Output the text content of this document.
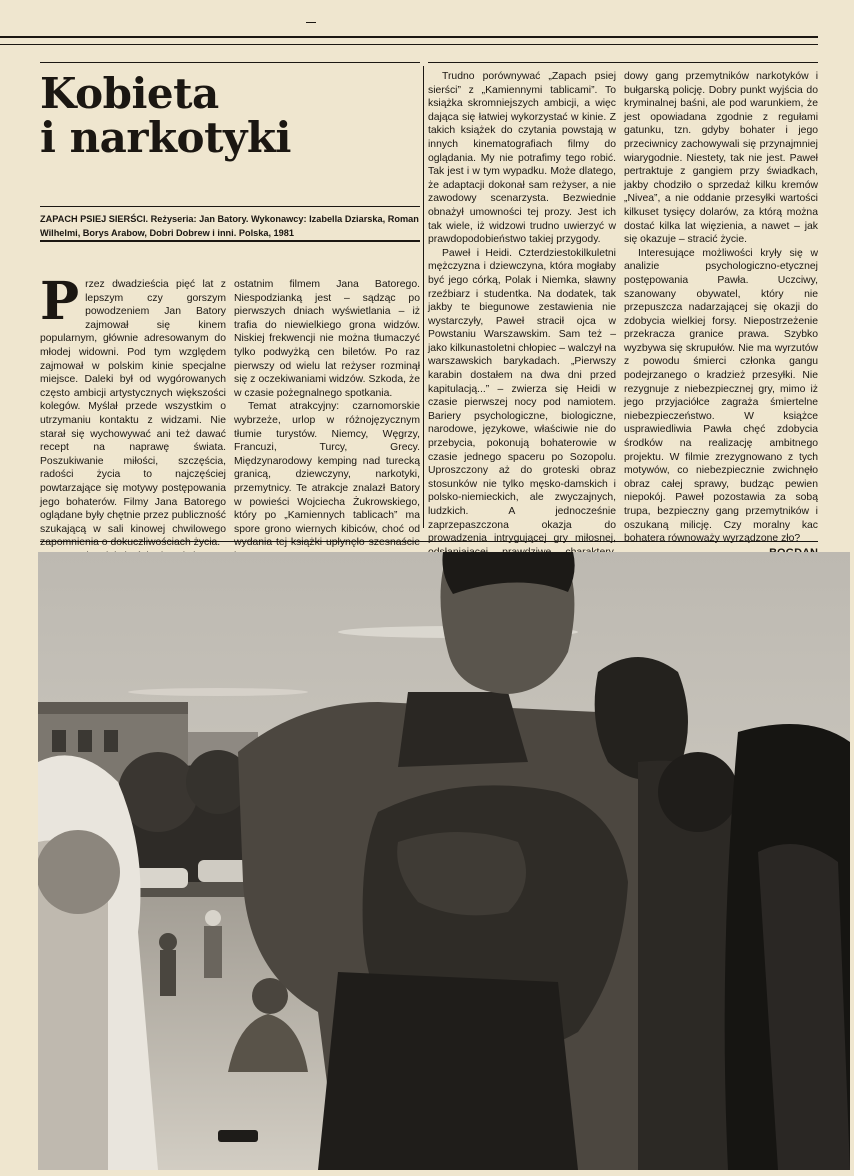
Kobieta
i narkotyki
ZAPACH PSIEJ SIERŚCI. Reżyseria: Jan Batory. Wykonawcy: Izabella Dziarska, Roman Wilhelmi, Borys Arabow, Dobri Dobrew i inni. Polska, 1981

Przez dwadzieścia pięć lat z lepszym czy gorszym powodzeniem Jan Batory zajmował się kinem popularnym, głównie adresowanym do młodej widowni. Pod tym względem zajmował w polskim kinie specjalne miejsce. Daleki był od wygórowanych często ambicji artystycznych większości kolegów. Myślał przede wszystkim o utrzymaniu kontaktu z widzami. Nie starał się wychowywać ani też dawać recept na naprawę świata. Poszukiwanie miłości, szczęścia, radości życia to najczęściej powtarzające się motywy postępowania jego bohaterów. Filmy Jana Batorego oglądane były chętnie przez publiczność szukającą w sali kinowej chwilowego zapomnienia o dokuczliwościach życia.

ostatnim filmem Jana Batorego. Niespodzianką jest – sądząc po pierwszych dniach wyświetlania – iż trafia do niewielkiego grona widzów. Niskiej frekwencji nie można tłumaczyć tylko podwyżką cen biletów. Po raz pierwszy od wielu lat reżyser rozminął się z oczekiwaniami widzów. Szkoda, że w czasie pożegnalnego spotkania.

Temat atrakcyjny: czarnomorskie wybrzeże, urlop w różnojęzycznym tłumie turystów. Niemcy, Węgrzy, Francuzi, Turcy, Grecy. Międzynarodowy kemping nad turecką granicą, dziewczyny, narkotyki, przemytnicy. Te atrakcje znalazł Batory w powieści Wojciecha Żukrowskiego, który po „Kamiennych tablicach” ma spore grono wiernych kibiców, choć od wydania tej książki upłynęło szesnaście

Trudno porównywać „Zapach psiej sierści” z „Kamiennymi tablicami”. To książka skromniejszych ambicji, a więc dająca się łatwiej wykorzystać w kinie. Z takich książek do czytania powstają w innych kinematografiach filmy do oglądania. My nie potrafimy tego robić. Tak jest i w tym wypadku. Może dlatego, że adaptacji dokonał sam reżyser, a nie zawodowy scenarzysta. Bezwiednie obnażył umowności tej prozy. Jest ich tak wiele, iż widzowi trudno uwierzyć w prawdopodobieństwo takiej przygody.

Paweł i Heidi. Czterdziestokilkuletni mężczyzna i dziewczyna, która mogłaby być jego córką, Polak i Niemka, sławny rzeźbiarz i studentka. Na dodatek, tak jakby te biegunowe zestawienia nie wystarczyły, Paweł stracił ojca w Powstaniu Warszawskim. Sam też – jako kilkunastoletni chłopiec – walczył na warszawskich barykadach. „Pierwszy karabin dostałem na dwa dni przed kapitulacją...” – zwierza się Heidi w czasie pierwszej nocy pod namiotem. Bariery psychologiczne, biologiczne, narodowe, językowe, właściwie nie do przebycia, pokonują bohaterowie w czasie jednego spaceru po Sozopolu. Uproszczony aż do groteski obraz stosunków nie tylko męsko-damskich i polsko-niemieckich, ale zwyczajnych, ludzkich. A jednocześnie zaprzepaszczona okazja do prowadzenia intrygującej gry miłosnej,

dowy gang przemytników narkotyków i bułgarską policję. Dobry punkt wyjścia do kryminalnej baśni, ale pod warunkiem, że jest opowiadana zgodnie z regułami gatunku, tzn. gdyby bohater i jego przeciwnicy zachowywali się przynajmniej wiarygodnie. Niestety, tak nie jest. Paweł pertraktuje z gangiem przy świadkach, jakby chodziło o sprzedaż kilku kremów „Nivea”, a nie oddanie przesyłki wartości kilkuset tysięcy dolarów, za którą można dostać kilka lat więzienia, a nawet – jak się okazuje – stracić życie.

Interesujące możliwości kryły się w analizie psychologiczno-etycznej postępowania Pawła. Uczciwy, szanowany obywatel, który nie przepuszcza nadarzającej się okazji do zdobycia wielkiej forsy. Niepostrzeżenie przekracza granice prawa. Szybko wyzbywa się skrupułów. Nie ma wyrzutów z powodu śmierci członka gangu podejrzanego o kradzież przesyłki. Nie rezygnuje z niebezpiecznej gry, mimo iż jego przyjaciółce zagraża śmiertelne niebezpieczeństwo. W książce usprawiedliwia Pawła chęć zdobycia środków na realizację ambitnego projektu. W filmie zrezygnowano z tych motywów, co niebezpiecznie zwichnęło obraz całej sprawy, budząc pewien niepokój. Paweł pozostawia za sobą trupa, bezpieczny gang przemytników i oszukaną milicję. Czy moralny kac bohatera równoważy wyrządzone zło?
